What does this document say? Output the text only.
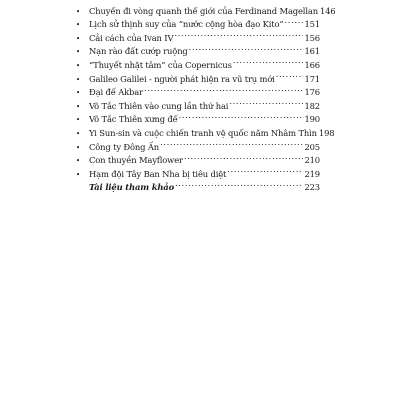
•	Chuyến đi vòng quanh thế giới của Ferdinand Magellan 146
•	Lịch sử thịnh suy của “nước cộng hòa đạo Kito” ..... 151
•	Cải cách của Ivan IV .....	156
•	Nạn rào đất cướp ruộng .....	161
•	“Thuyết nhật tâm” của Copernicus .....	166
•	Galileo Galilei - người phát hiện ra vũ trụ mới .....	171
•	Đại đế Akbar .....	176
•	Võ Tắc Thiên vào cung lần thứ hai .....	182
•	Võ Tắc Thiên xưng đế .....	190
•	Yi Sun-sin và cuộc chiến tranh vệ quốc năm Nhâm Thìn 198
•	Công ty Đông Ấn .....	205
•	Con thuyền Mayflower .....	210
•	Hạm đội Tây Ban Nha bị tiêu diệt .....	219
Tài liệu tham khảo .....	223
